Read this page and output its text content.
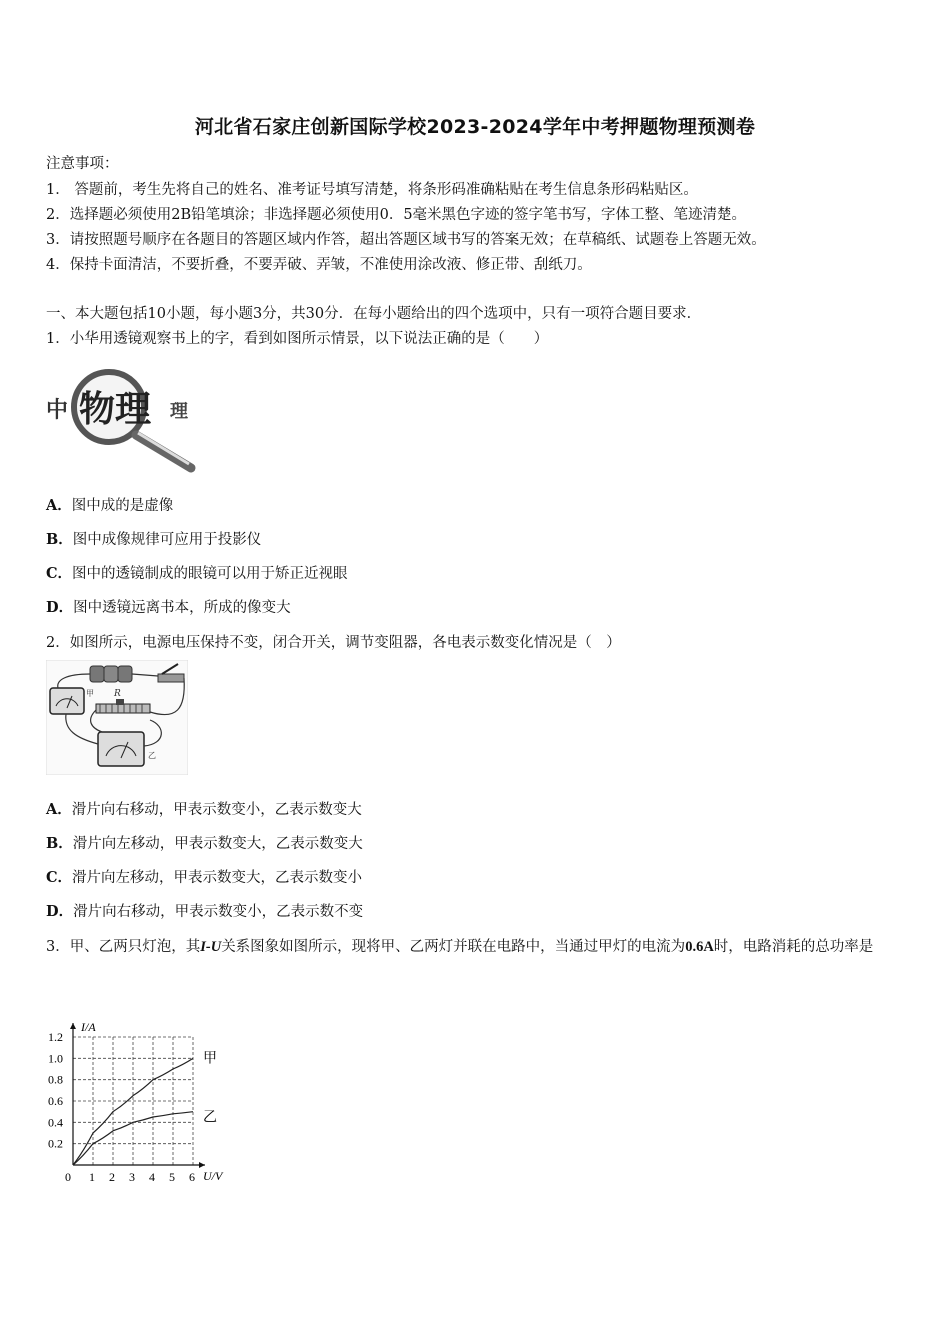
河北省石家庄创新国际学校2023-2024学年中考押题物理预测卷
注意事项：
1． 答题前，考生先将自己的姓名、准考证号填写清楚，将条形码准确粘贴在考生信息条形码粘贴区。
2．选择题必须使用2B铅笔填涂；非选择题必须使用0．5毫米黑色字迹的签字笔书写，字体工整、笔迹清楚。
3．请按照题号顺序在各题目的答题区域内作答，超出答题区域书写的答案无效；在草稿纸、试题卷上答题无效。
4．保持卡面清洁，不要折叠，不要弄破、弄皱，不准使用涂改液、修正带、刮纸刀。
一、本大题包括10小题，每小题3分，共30分．在每小题给出的四个选项中，只有一项符合题目要求．
1．小华用透镜观察书上的字，看到如图所示情景，以下说法正确的是（　　）
中 物理 理
A．图中成的是虚像
B．图中成像规律可应用于投影仪
C．图中的透镜制成的眼镜可以用于矫正近视眼
D．图中透镜远离书本，所成的像变大
2．如图所示，电源电压保持不变，闭合开关，调节变阻器，各电表示数变化情况是（　）
甲 R
乙
A．滑片向右移动，甲表示数变小，乙表示数变大
B．滑片向左移动，甲表示数变大，乙表示数变大
C．滑片向左移动，甲表示数变大，乙表示数变小
D．滑片向右移动，甲表示数变小，乙表示数不变
3．甲、乙两只灯泡，其I-U关系图象如图所示，现将甲、乙两灯并联在电路中，当通过甲灯的电流为0.6A时，电路消耗的总功率是
I/A
U/V
0 1 2 3 4 5 6
0.2
0.4
0.6
0.8
1.0
1.2
甲
乙
